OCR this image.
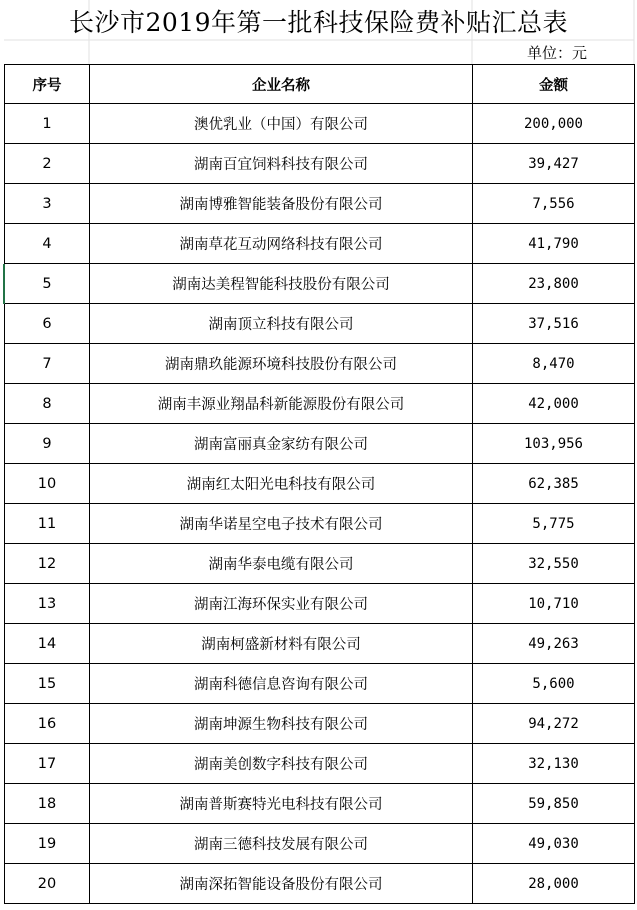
长沙市2019年第一批科技保险费补贴汇总表
单位：元
序号	企业名称	金额
1	澳优乳业（中国）有限公司	200,000
2	湖南百宜饲料科技有限公司	39,427
3	湖南博雅智能装备股份有限公司	7,556
4	湖南草花互动网络科技有限公司	41,790
5	湖南达美程智能科技股份有限公司	23,800
6	湖南顶立科技有限公司	37,516
7	湖南鼎玖能源环境科技股份有限公司	8,470
8	湖南丰源业翔晶科新能源股份有限公司	42,000
9	湖南富丽真金家纺有限公司	103,956
10	湖南红太阳光电科技有限公司	62,385
11	湖南华诺星空电子技术有限公司	5,775
12	湖南华泰电缆有限公司	32,550
13	湖南江海环保实业有限公司	10,710
14	湖南柯盛新材料有限公司	49,263
15	湖南科德信息咨询有限公司	5,600
16	湖南坤源生物科技有限公司	94,272
17	湖南美创数字科技有限公司	32,130
18	湖南普斯赛特光电科技有限公司	59,850
19	湖南三德科技发展有限公司	49,030
20	湖南深拓智能设备股份有限公司	28,000
